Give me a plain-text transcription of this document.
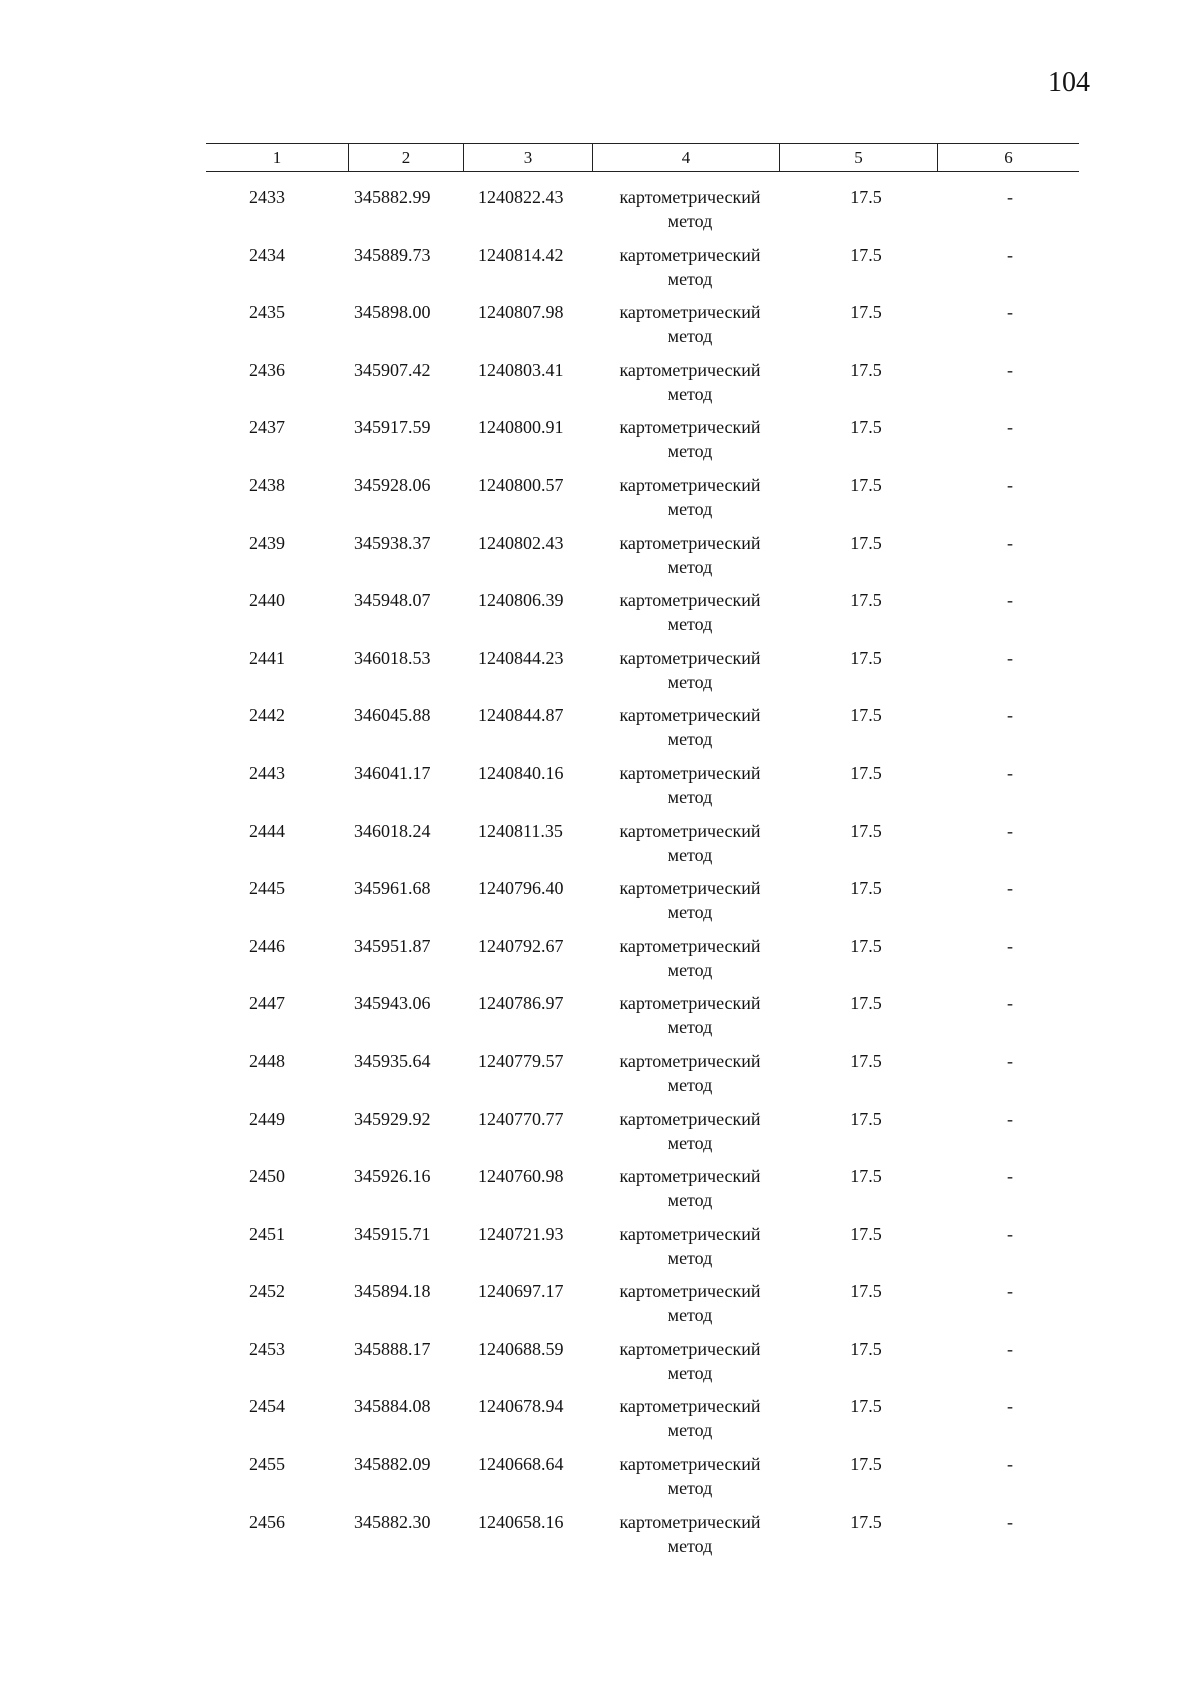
104
1	2	3	4	5	6
2433	345882.99	1240822.43	картометрический
метод
17.5	-
2434	345889.73	1240814.42	картометрический
метод
17.5	-
2435	345898.00	1240807.98	картометрический
метод
17.5	-
2436	345907.42	1240803.41	картометрический
метод
17.5	-
2437	345917.59	1240800.91	картометрический
метод
17.5	-
2438	345928.06	1240800.57	картометрический
метод
17.5	-
2439	345938.37	1240802.43	картометрический
метод
17.5	-
2440	345948.07	1240806.39	картометрический
метод
17.5	-
2441	346018.53	1240844.23	картометрический
метод
17.5	-
2442	346045.88	1240844.87	картометрический
метод
17.5	-
2443	346041.17	1240840.16	картометрический
метод
17.5	-
2444	346018.24	1240811.35	картометрический
метод
17.5	-
2445	345961.68	1240796.40	картометрический
метод
17.5	-
2446	345951.87	1240792.67	картометрический
метод
17.5	-
2447	345943.06	1240786.97	картометрический
метод
17.5	-
2448	345935.64	1240779.57	картометрический
метод
17.5	-
2449	345929.92	1240770.77	картометрический
метод
17.5	-
2450	345926.16	1240760.98	картометрический
метод
17.5	-
2451	345915.71	1240721.93	картометрический
метод
17.5	-
2452	345894.18	1240697.17	картометрический
метод
17.5	-
2453	345888.17	1240688.59	картометрический
метод
17.5	-
2454	345884.08	1240678.94	картометрический
метод
17.5	-
2455	345882.09	1240668.64	картометрический
метод
17.5	-
2456	345882.30	1240658.16	картометрический
метод
17.5	-
